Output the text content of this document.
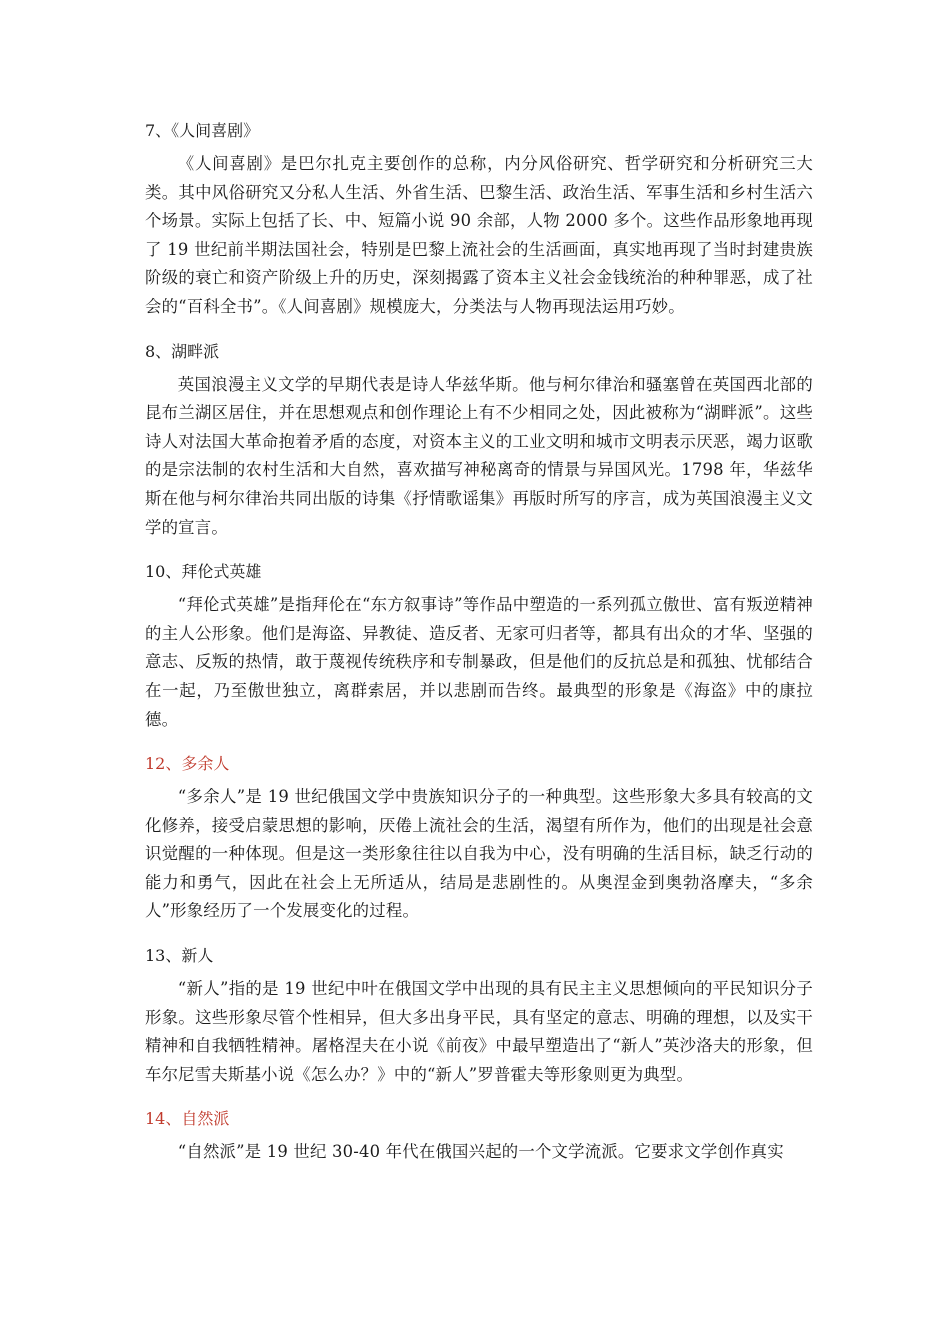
7、《人间喜剧》

《人间喜剧》是巴尔扎克主要创作的总称，内分风俗研究、哲学研究和分析研究三大类。其中风俗研究又分私人生活、外省生活、巴黎生活、政治生活、军事生活和乡村生活六个场景。实际上包括了长、中、短篇小说 90 余部，人物 2000 多个。这些作品形象地再现了 19 世纪前半期法国社会，特别是巴黎上流社会的生活画面，真实地再现了当时封建贵族阶级的衰亡和资产阶级上升的历史，深刻揭露了资本主义社会金钱统治的种种罪恶，成了社会的“百科全书”。《人间喜剧》规模庞大，分类法与人物再现法运用巧妙。

8、湖畔派

英国浪漫主义文学的早期代表是诗人华兹华斯。他与柯尔律治和骚塞曾在英国西北部的昆布兰湖区居住，并在思想观点和创作理论上有不少相同之处，因此被称为“湖畔派”。这些诗人对法国大革命抱着矛盾的态度，对资本主义的工业文明和城市文明表示厌恶，竭力讴歌的是宗法制的农村生活和大自然，喜欢描写神秘离奇的情景与异国风光。1798 年，华兹华斯在他与柯尔律治共同出版的诗集《抒情歌谣集》再版时所写的序言，成为英国浪漫主义文学的宣言。

10、拜伦式英雄

“拜伦式英雄”是指拜伦在“东方叙事诗”等作品中塑造的一系列孤立傲世、富有叛逆精神的主人公形象。他们是海盗、异教徒、造反者、无家可归者等，都具有出众的才华、坚强的意志、反叛的热情，敢于蔑视传统秩序和专制暴政，但是他们的反抗总是和孤独、忧郁结合在一起，乃至傲世独立，离群索居，并以悲剧而告终。最典型的形象是《海盗》中的康拉德。

12、多余人

“多余人”是 19 世纪俄国文学中贵族知识分子的一种典型。这些形象大多具有较高的文化修养，接受启蒙思想的影响，厌倦上流社会的生活，渴望有所作为，他们的出现是社会意识觉醒的一种体现。但是这一类形象往往以自我为中心，没有明确的生活目标，缺乏行动的能力和勇气，因此在社会上无所适从，结局是悲剧性的。从奥涅金到奥勃洛摩夫，“多余人”形象经历了一个发展变化的过程。

13、新人

“新人”指的是 19 世纪中叶在俄国文学中出现的具有民主主义思想倾向的平民知识分子形象。这些形象尽管个性相异，但大多出身平民，具有坚定的意志、明确的理想，以及实干精神和自我牺牲精神。屠格涅夫在小说《前夜》中最早塑造出了“新人”英沙洛夫的形象，但车尔尼雪夫斯基小说《怎么办？》中的“新人”罗普霍夫等形象则更为典型。

14、自然派

“自然派”是 19 世纪 30-40 年代在俄国兴起的一个文学流派。它要求文学创作真实
